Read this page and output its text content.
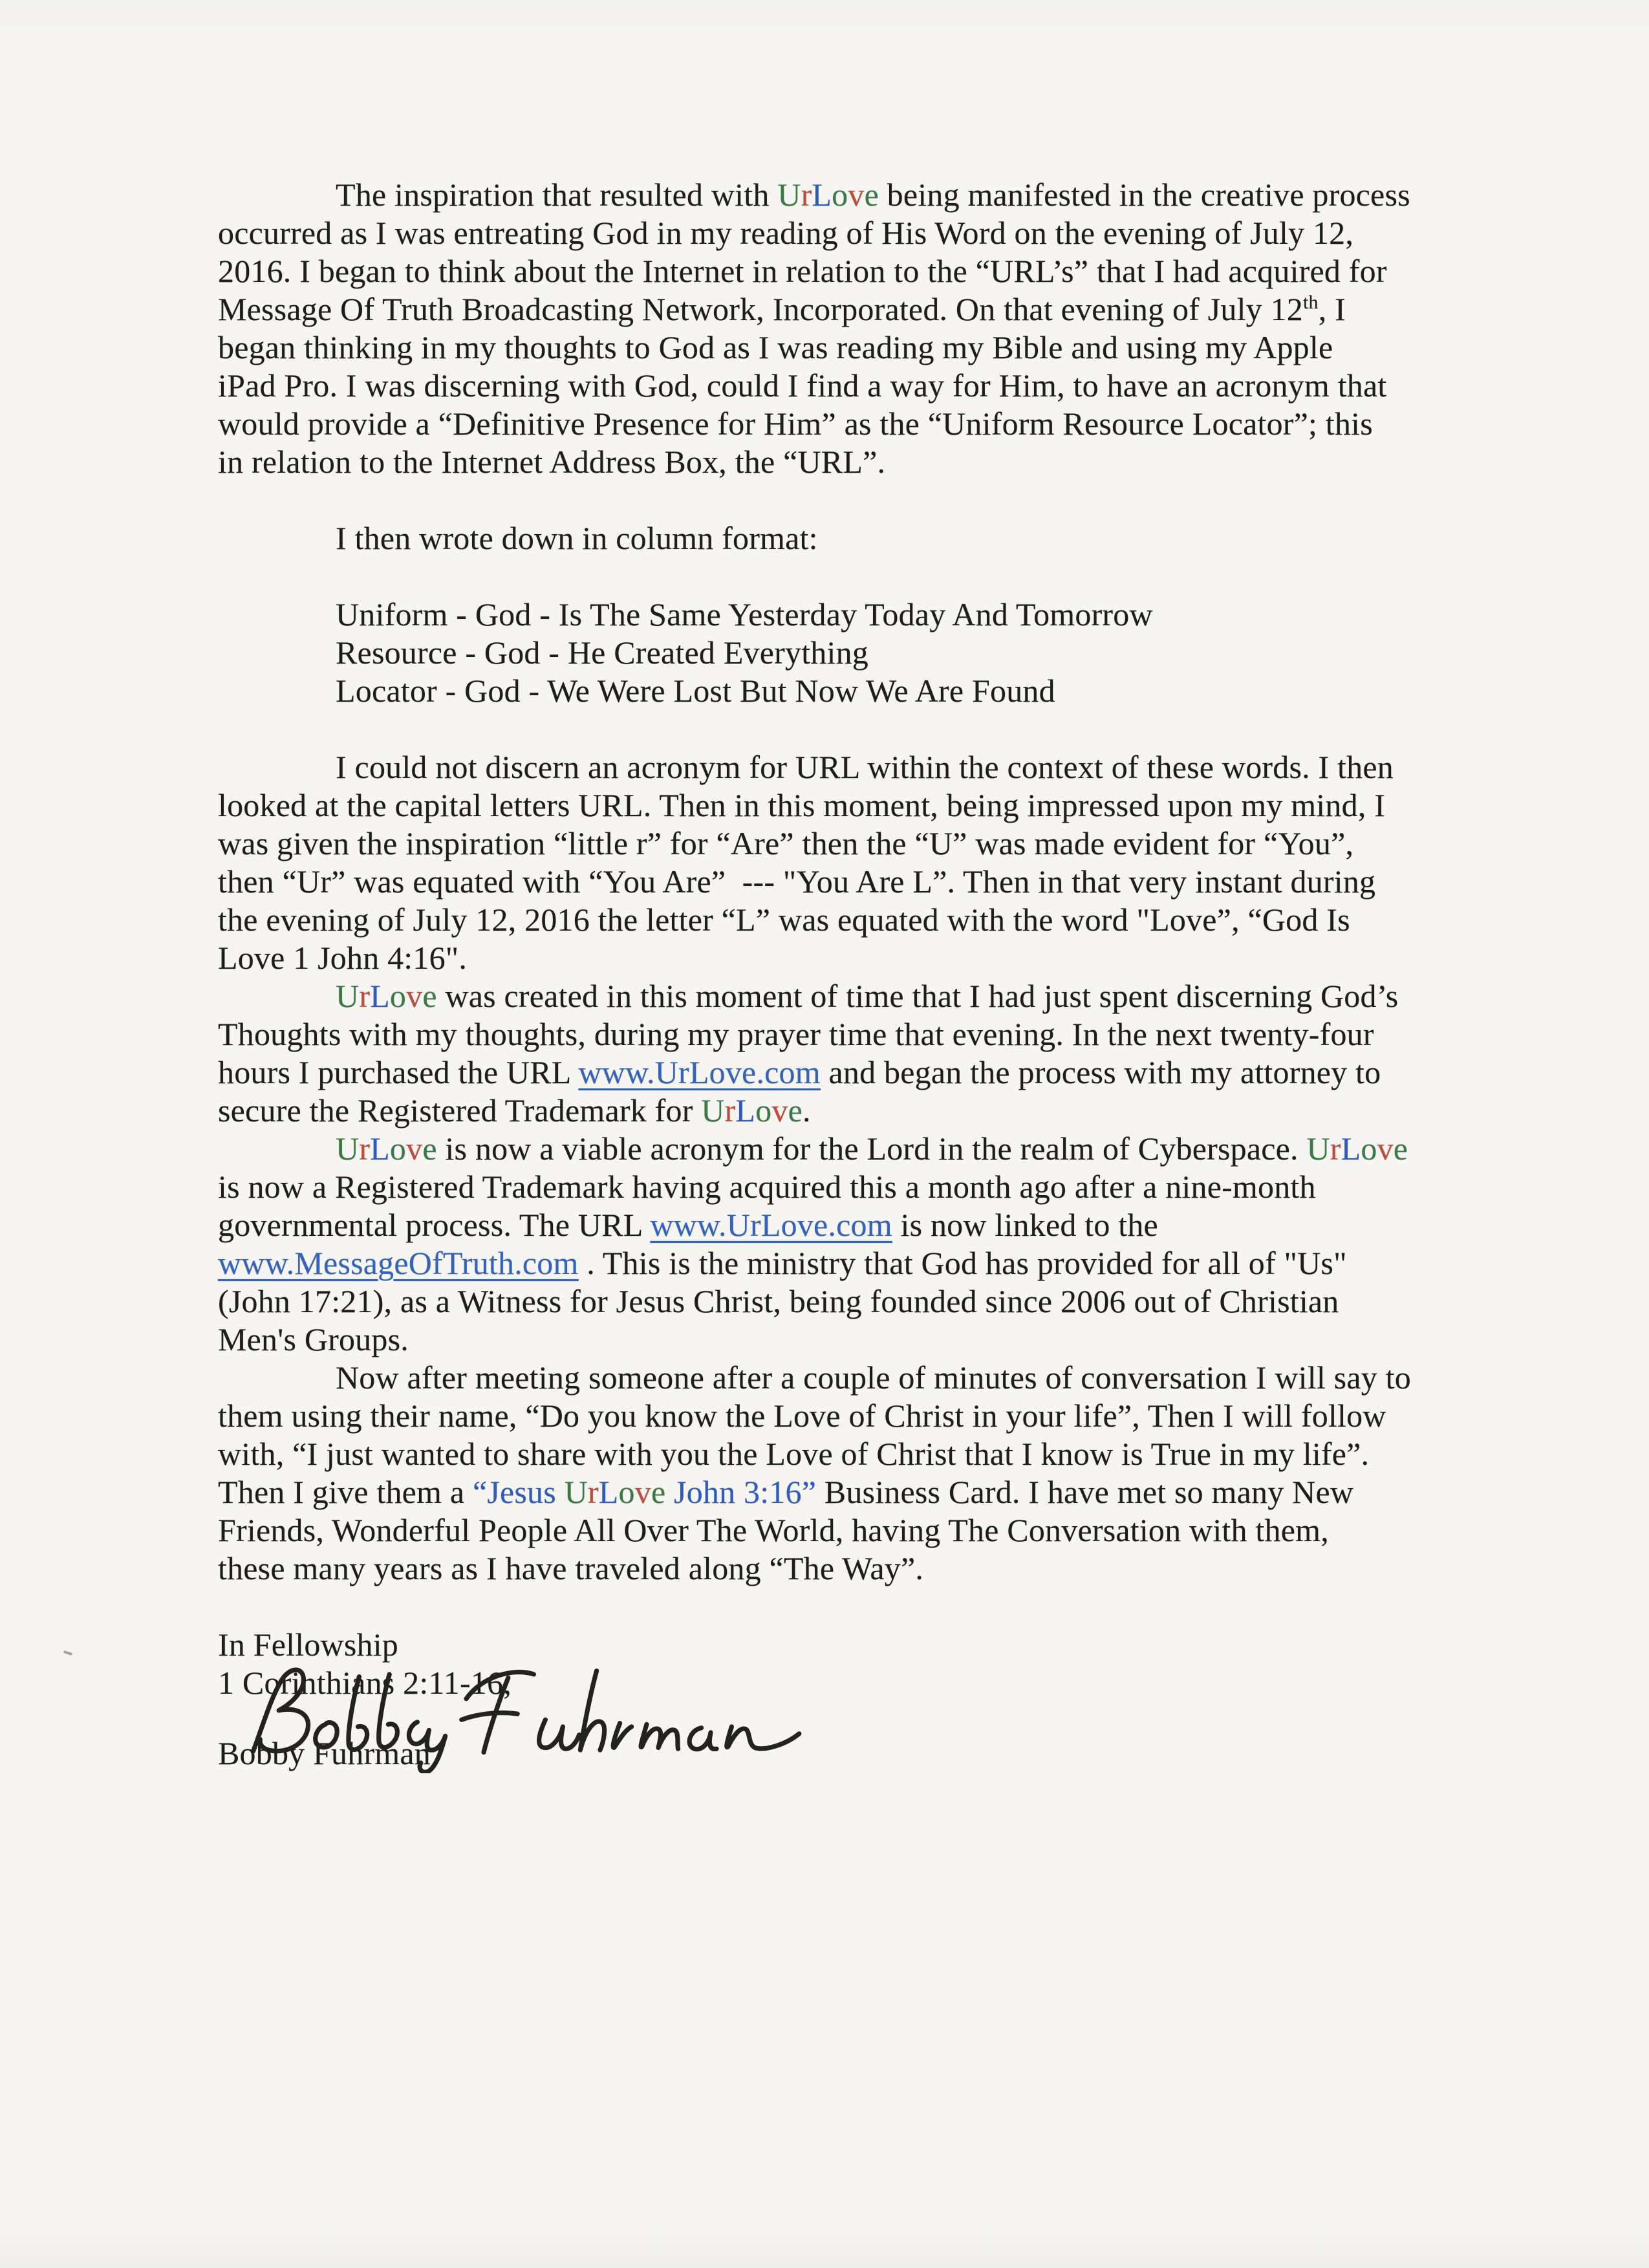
The inspiration that resulted with UrLove being manifested in the creative process
occurred as I was entreating God in my reading of His Word on the evening of July 12,
2016. I began to think about the Internet in relation to the “URL’s” that I had acquired for
Message Of Truth Broadcasting Network, Incorporated. On that evening of July 12th, I
began thinking in my thoughts to God as I was reading my Bible and using my Apple
iPad Pro. I was discerning with God, could I find a way for Him, to have an acronym that
would provide a “Definitive Presence for Him” as the “Uniform Resource Locator”; this
in relation to the Internet Address Box, the “URL”.
I then wrote down in column format:
Uniform - God - Is The Same Yesterday Today And Tomorrow
Resource - God - He Created Everything
Locator - God - We Were Lost But Now We Are Found
I could not discern an acronym for URL within the context of these words. I then
looked at the capital letters URL. Then in this moment, being impressed upon my mind, I
was given the inspiration “little r” for “Are” then the “U” was made evident for “You”,
then “Ur” was equated with “You Are”  --- "You Are L”. Then in that very instant during
the evening of July 12, 2016 the letter “L” was equated with the word "Love”, “God Is
Love 1 John 4:16".
UrLove was created in this moment of time that I had just spent discerning God’s
Thoughts with my thoughts, during my prayer time that evening. In the next twenty-four
hours I purchased the URL www.UrLove.com and began the process with my attorney to
secure the Registered Trademark for UrLove.
UrLove is now a viable acronym for the Lord in the realm of Cyberspace. UrLove
is now a Registered Trademark having acquired this a month ago after a nine-month
governmental process. The URL www.UrLove.com is now linked to the
www.MessageOfTruth.com . This is the ministry that God has provided for all of "Us"
(John 17:21), as a Witness for Jesus Christ, being founded since 2006 out of Christian
Men's Groups.
Now after meeting someone after a couple of minutes of conversation I will say to
them using their name, “Do you know the Love of Christ in your life”, Then I will follow
with, “I just wanted to share with you the Love of Christ that I know is True in my life”.
Then I give them a “Jesus UrLove John 3:16” Business Card. I have met so many New
Friends, Wonderful People All Over The World, having The Conversation with them,
these many years as I have traveled along “The Way”.
In Fellowship
1 Corinthians 2:11-16,
Bobby Fuhrman
